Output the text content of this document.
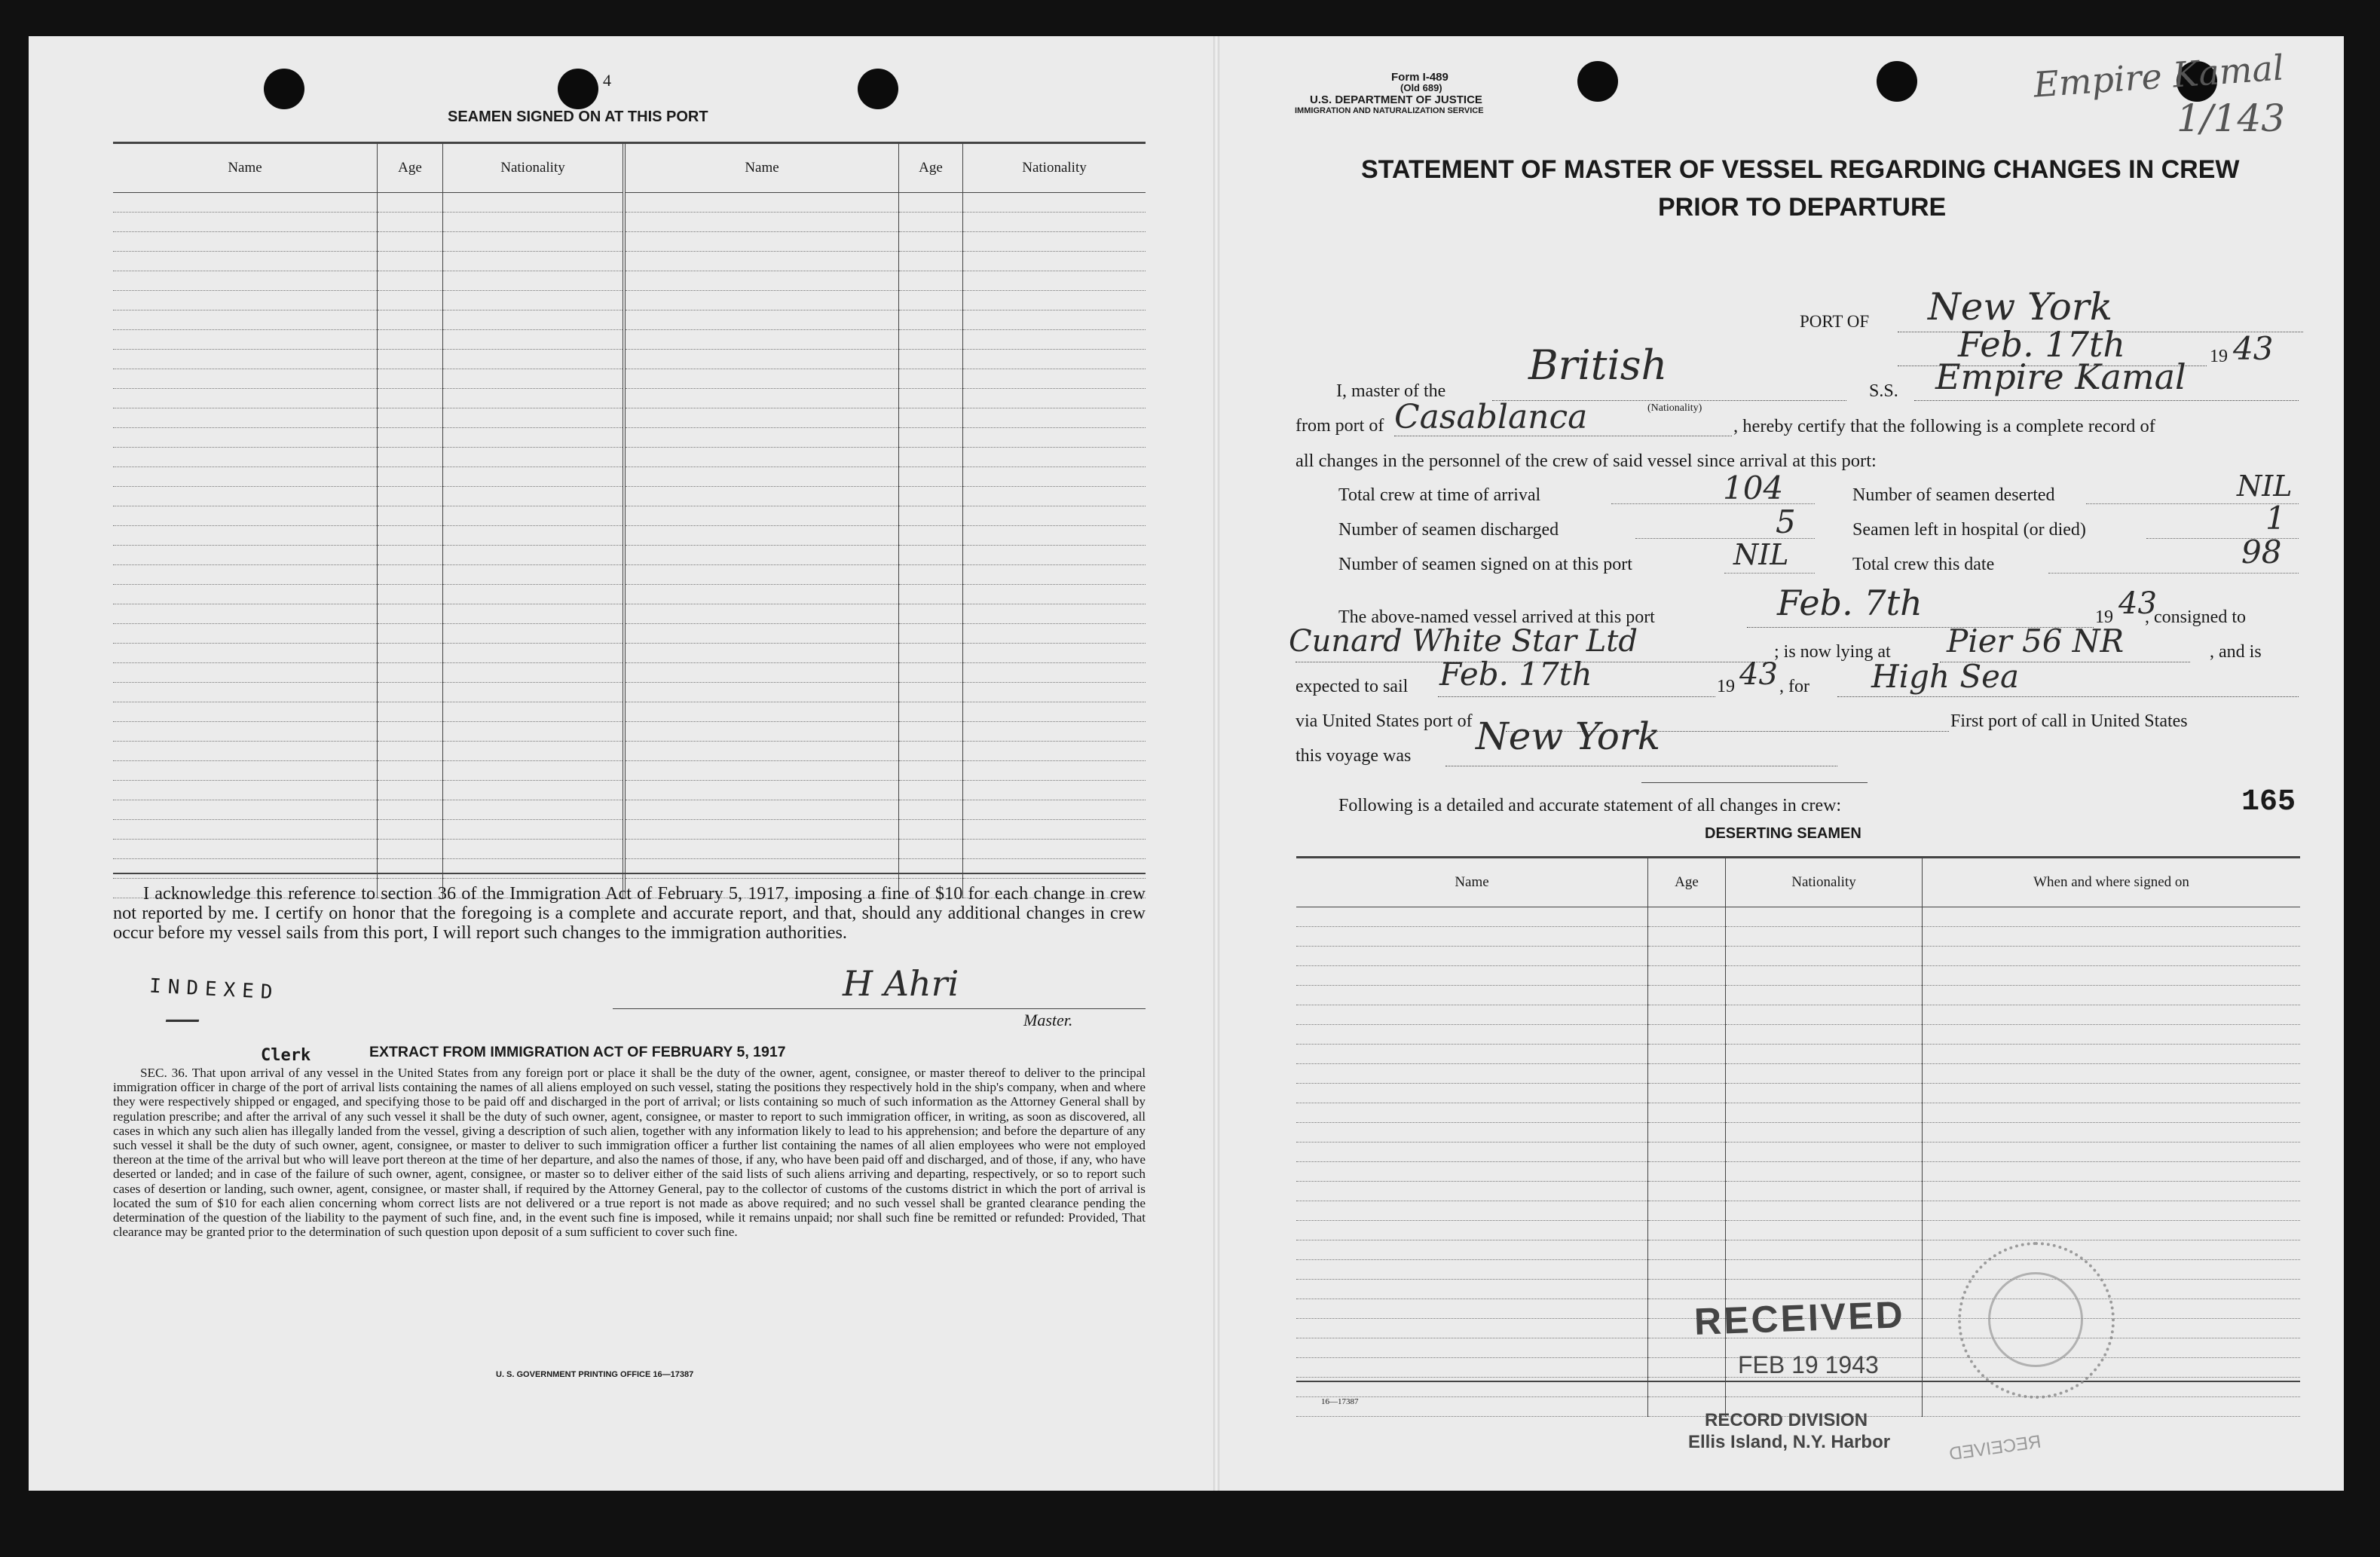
4
SEAMEN SIGNED ON AT THIS PORT
Name	Age	Nationality	Name	Age	Nationality

I acknowledge this reference to section 36 of the Immigration Act of February 5, 1917, imposing a fine of $10 for each change in crew not reported by me. I certify on honor that the foregoing is a complete and accurate report, and that, should any additional changes in crew occur before my vessel sails from this port, I will report such changes to the immigration authorities.
H Ahri
Master.
INDEXED
—
Clerk	EXTRACT FROM IMMIGRATION ACT OF FEBRUARY 5, 1917
SEC. 36. That upon arrival of any vessel in the United States from any foreign port or place it shall be the duty of the owner, agent, consignee, or master thereof to deliver to the principal immigration officer in charge of the port of arrival lists containing the names of all aliens employed on such vessel, stating the positions they respectively hold in the ship's company, when and where they were respectively shipped or engaged, and specifying those to be paid off and discharged in the port of arrival; or lists containing so much of such information as the Attorney General shall by regulation prescribe; and after the arrival of any such vessel it shall be the duty of such owner, agent, consignee, or master to report to such immigration officer, in writing, as soon as discovered, all cases in which any such alien has illegally landed from the vessel, giving a description of such alien, together with any information likely to lead to his apprehension; and before the departure of any such vessel it shall be the duty of such owner, agent, consignee, or master to deliver to such immigration officer a further list containing the names of all alien employees who were not employed thereon at the time of the arrival but who will leave port thereon at the time of her departure, and also the names of those, if any, who have been paid off and discharged, and of those, if any, who have deserted or landed; and in case of the failure of such owner, agent, consignee, or master so to deliver either of the said lists of such aliens arriving and departing, respectively, or so to report such cases of desertion or landing, such owner, agent, consignee, or master shall, if required by the Attorney General, pay to the collector of customs of the customs district in which the port of arrival is located the sum of $10 for each alien concerning whom correct lists are not delivered or a true report is not made as above required; and no such vessel shall be granted clearance pending the determination of the question of the liability to the payment of such fine, and, in the event such fine is imposed, while it remains unpaid; nor shall such fine be remitted or refunded: Provided, That clearance may be granted prior to the determination of such question upon deposit of a sum sufficient to cover such fine.
U. S. GOVERNMENT PRINTING OFFICE 16—17387
Form I-489
(Old 689)
U.S. DEPARTMENT OF JUSTICE
IMMIGRATION AND NATURALIZATION SERVICE
Empire Kamal
1/143
STATEMENT OF MASTER OF VESSEL REGARDING CHANGES IN CREW
PRIOR TO DEPARTURE
PORT OF New York
Feb. 17th	19 43
I, master of the
British
(Nationality)
S.S. Empire Kamal
from port of Casablanca	, hereby certify that the following is a complete record of
all changes in the personnel of the crew of said vessel since arrival at this port:
Total crew at time of arrival	104
Number of seamen discharged	5
Number of seamen signed on at this port	NIL
Number of seamen deserted	NIL
Seamen left in hospital (or died)	1
Total crew this date	98
The above-named vessel arrived at this port	Feb. 7th	19 43
, consigned to
Cunard White Star Ltd	; is now lying at Pier 56 NR	, and is
expected to sail Feb. 17th	19 43 , for High Sea
via United States port of	First port of call in United States
this voyage was New York
Following is a detailed and accurate statement of all changes in crew:	165
DESERTING SEAMEN
Name	Age	Nationality	When and where signed on

RECEIVED
FEB 19 1943
16—17387
RECORD DIVISION
Ellis Island, N.Y. Harbor	RECEIVED
